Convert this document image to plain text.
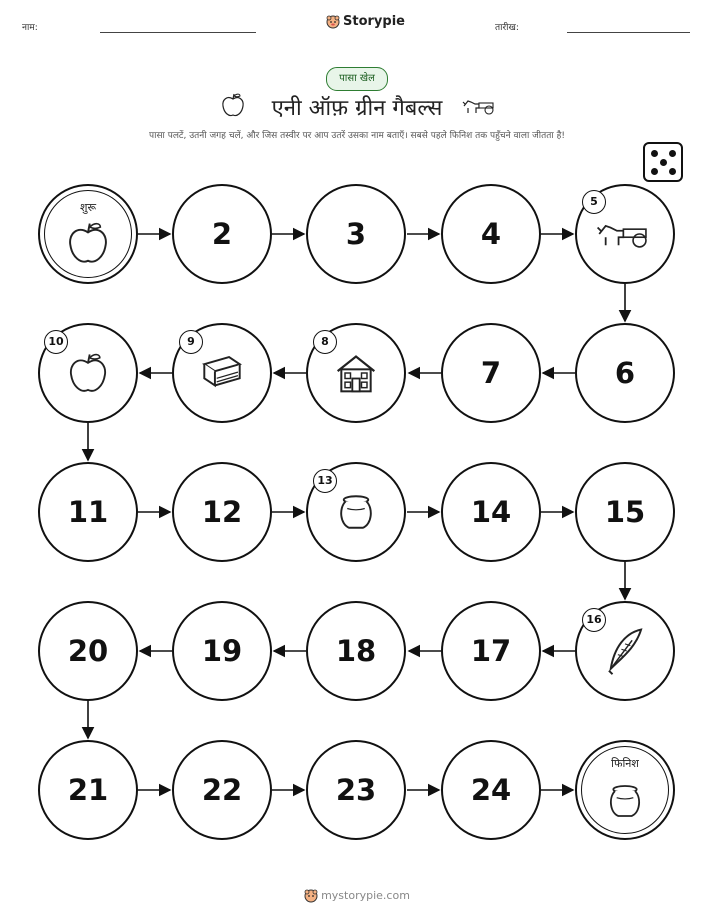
नाम:	Storypie	तारीख:
पासा खेल
एनी ऑफ़ ग्रीन गैबल्स
पासा पलटें, उतनी जगह चलें, और जिस तस्वीर पर आप उतरें उसका नाम बताएँ। सबसे पहले फिनिश तक पहुँचने वाला जीतता है!
शुरू
2	3	4
5
6
7
8
9
10
11	12
13
14	15
16
17
18
19
20
21	22	23	24
फिनिश
mystorypie.com
